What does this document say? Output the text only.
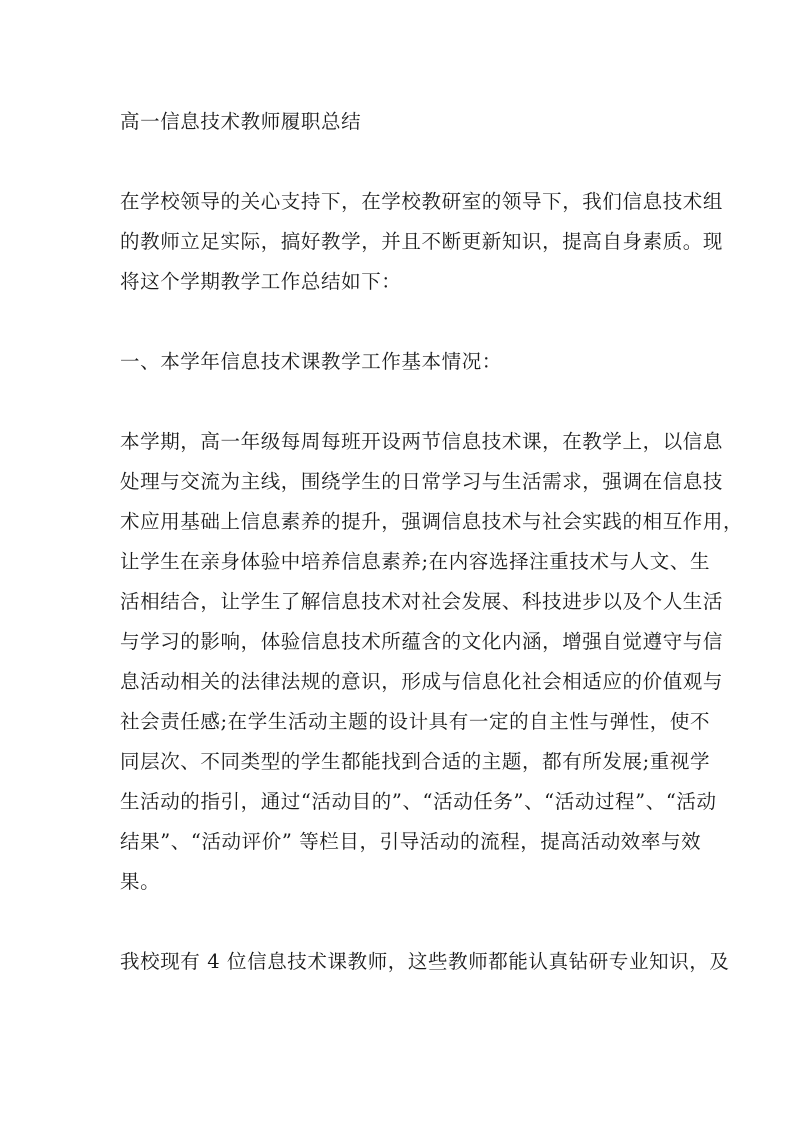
高一信息技术教师履职总结
在学校领导的关心支持下，在学校教研室的领导下，我们信息技术组
的教师立足实际，搞好教学，并且不断更新知识，提高自身素质。现
将这个学期教学工作总结如下：
一、本学年信息技术课教学工作基本情况：
本学期，高一年级每周每班开设两节信息技术课，在教学上，以信息
处理与交流为主线，围绕学生的日常学习与生活需求，强调在信息技
术应用基础上信息素养的提升，强调信息技术与社会实践的相互作用，
让学生在亲身体验中培养信息素养;在内容选择注重技术与人文、生
活相结合，让学生了解信息技术对社会发展、科技进步以及个人生活
与学习的影响，体验信息技术所蕴含的文化内涵，增强自觉遵守与信
息活动相关的法律法规的意识，形成与信息化社会相适应的价值观与
社会责任感;在学生活动主题的设计具有一定的自主性与弹性，使不
同层次、不同类型的学生都能找到合适的主题，都有所发展;重视学
生活动的指引，通过“活动目的”、“活动任务”、“活动过程”、“活动
结果”、“活动评价” 等栏目，引导活动的流程，提高活动效率与效
果。
我校现有 4 位信息技术课教师，这些教师都能认真钻研专业知识，及
